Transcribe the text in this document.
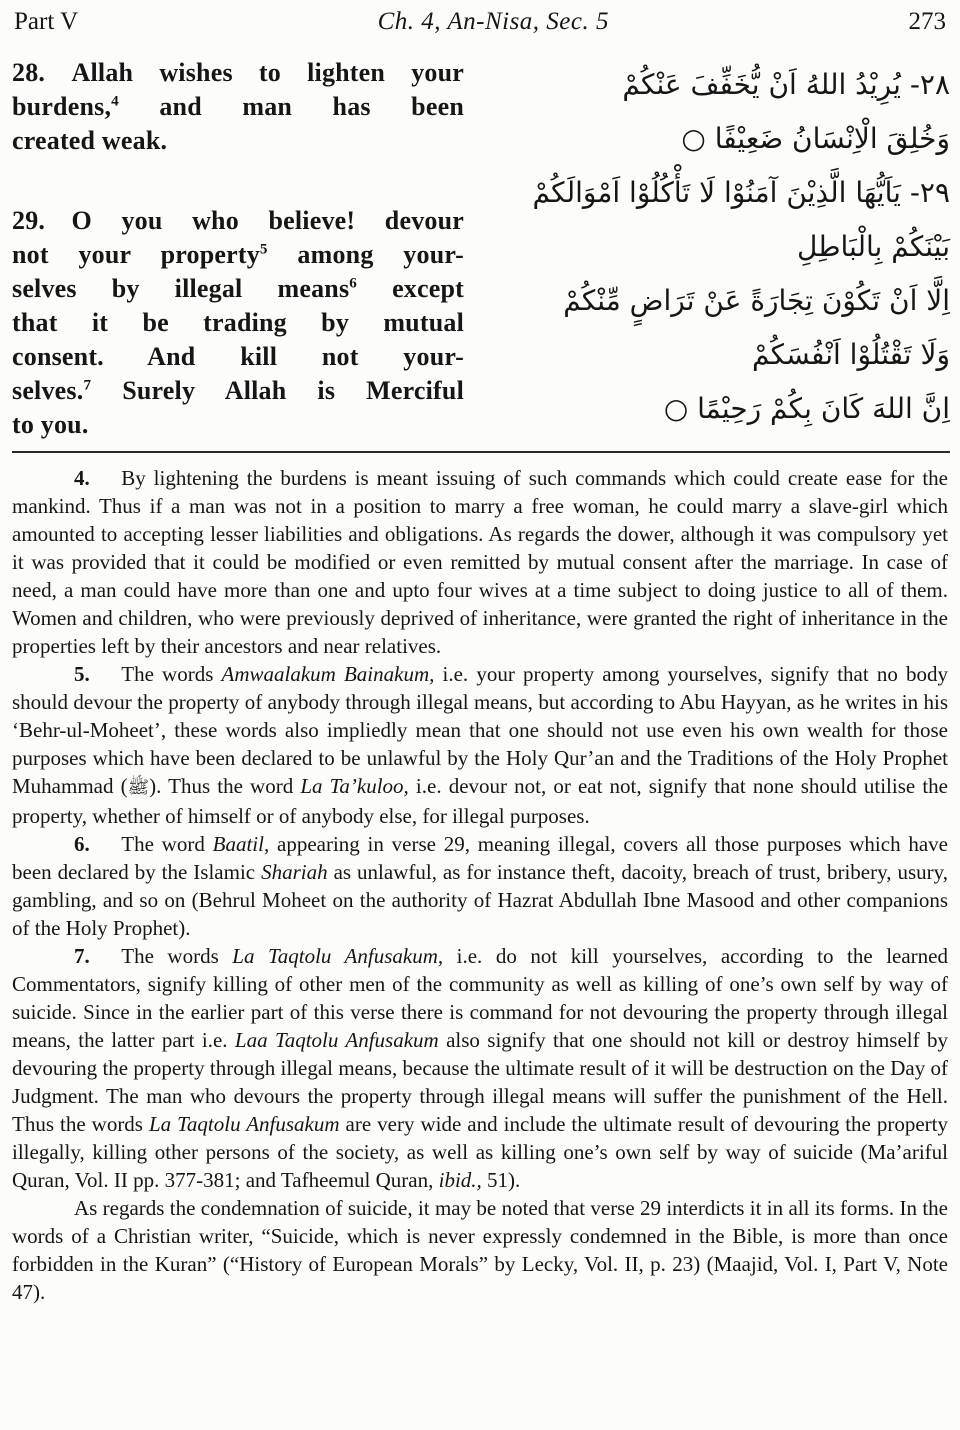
Part V	Ch. 4, An-Nisa, Sec. 5	273
28.  Allah wishes to lighten your
burdens,$^4$ and man has been
created weak.
29.  O you who believe! devour
not your property$^5$ among your-
selves by illegal means$^6$ except
that it be trading by mutual
consent. And kill not your-
selves.$^7$ Surely Allah is Merciful
to you.
٢٨- يُرِيْدُ اللهُ اَنْ يُّخَفِّفَ عَنْكُمْ
وَخُلِقَ الْاِنْسَانُ ضَعِيْفًا ○
٢٩- يَاَيُّهَا الَّذِيْنَ آمَنُوْا لَا تَأْكُلُوْا اَمْوَالَكُمْ
بَيْنَكُمْ بِالْبَاطِلِ
اِلَّا اَنْ تَكُوْنَ تِجَارَةً عَنْ تَرَاضٍ مِّنْكُمْ
وَلَا تَقْتُلُوْا اَنْفُسَكُمْ
اِنَّ اللهَ كَانَ بِكُمْ رَحِيْمًا ○

4.  By lightening the burdens is meant issuing of such commands which could create ease for the mankind. Thus if a man was not in a position to marry a free woman, he could marry a slave-girl which amounted to accepting lesser liabilities and obligations. As regards the dower, although it was compulsory yet it was provided that it could be modified or even remitted by mutual consent after the marriage. In case of need, a man could have more than one and upto four wives at a time subject to doing justice to all of them. Women and children, who were previously deprived of inheritance, were granted the right of inheritance in the properties left by their ancestors and near relatives.

5.  The words Amwaalakum Bainakum, i.e. your property among yourselves, signify that no body should devour the property of anybody through illegal means, but according to Abu Hayyan, as he writes in his ‘Behr-ul-Moheet’, these words also impliedly mean that one should not use even his own wealth for those purposes which have been declared to be unlawful by the Holy Qur’an and the Traditions of the Holy Prophet Muhammad (ﷺ). Thus the word La Ta’kuloo, i.e. devour not, or eat not, signify that none should utilise the property, whether of himself or of anybody else, for illegal purposes.

6.  The word Baatil, appearing in verse 29, meaning illegal, covers all those purposes which have been declared by the Islamic Shariah as unlawful, as for instance theft, dacoity, breach of trust, bribery, usury, gambling, and so on (Behrul Moheet on the authority of Hazrat Abdullah Ibne Masood and other companions of the Holy Prophet).

7.  The words La Taqtolu Anfusakum, i.e. do not kill yourselves, according to the learned Commentators, signify killing of other men of the community as well as killing of one’s own self by way of suicide. Since in the earlier part of this verse there is command for not devouring the property through illegal means, the latter part i.e. Laa Taqtolu Anfusakum also signify that one should not kill or destroy himself by devouring the property through illegal means, because the ultimate result of it will be destruction on the Day of Judgment. The man who devours the property through illegal means will suffer the punishment of the Hell. Thus the words La Taqtolu Anfusakum are very wide and include the ultimate result of devouring the property illegally, killing other persons of the society, as well as killing one’s own self by way of suicide (Ma’ariful Quran, Vol. II pp. 377-381; and Tafheemul Quran, ibid., 51).

As regards the condemnation of suicide, it may be noted that verse 29 interdicts it in all its forms. In the words of a Christian writer, “Suicide, which is never expressly condemned in the Bible, is more than once forbidden in the Kuran” (“History of European Morals” by Lecky, Vol. II, p. 23) (Maajid, Vol. I, Part V, Note 47).
